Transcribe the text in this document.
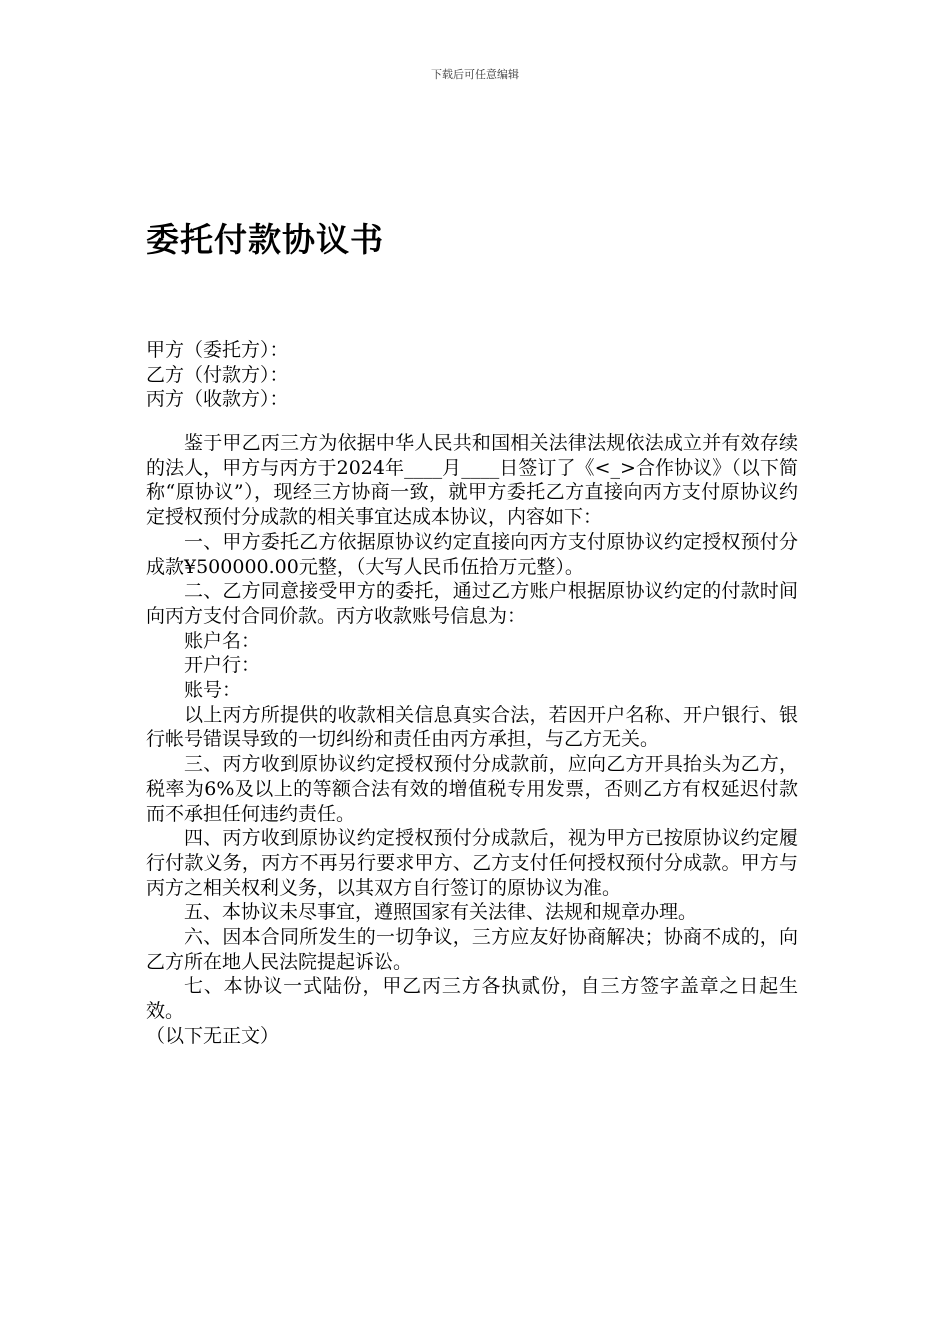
下载后可任意编辑
委托付款协议书
甲方（委托方）：
乙方（付款方）：
丙方（收款方）：

鉴于甲乙丙三方为依据中华人民共和国相关法律法规依法成立并有效存续的法人，甲方与丙方于2024年____月____日签订了《<_>合作协议》（以下简称“原协议”），现经三方协商一致，就甲方委托乙方直接向丙方支付原协议约定授权预付分成款的相关事宜达成本协议，内容如下：

一、甲方委托乙方依据原协议约定直接向丙方支付原协议约定授权预付分成款¥500000.00元整，（大写人民币伍拾万元整）。

二、乙方同意接受甲方的委托，通过乙方账户根据原协议约定的付款时间向丙方支付合同价款。丙方收款账号信息为：

账户名：

开户行：

账号：

以上丙方所提供的收款相关信息真实合法，若因开户名称、开户银行、银行帐号错误导致的一切纠纷和责任由丙方承担，与乙方无关。

三、丙方收到原协议约定授权预付分成款前，应向乙方开具抬头为乙方，税率为6%及以上的等额合法有效的增值税专用发票，否则乙方有权延迟付款而不承担任何违约责任。

四、丙方收到原协议约定授权预付分成款后，视为甲方已按原协议约定履行付款义务，丙方不再另行要求甲方、乙方支付任何授权预付分成款。甲方与丙方之相关权利义务，以其双方自行签订的原协议为准。

五、本协议未尽事宜，遵照国家有关法律、法规和规章办理。

六、因本合同所发生的一切争议，三方应友好协商解决；协商不成的，向乙方所在地人民法院提起诉讼。

七、本协议一式陆份，甲乙丙三方各执贰份，自三方签字盖章之日起生效。

（以下无正文）
